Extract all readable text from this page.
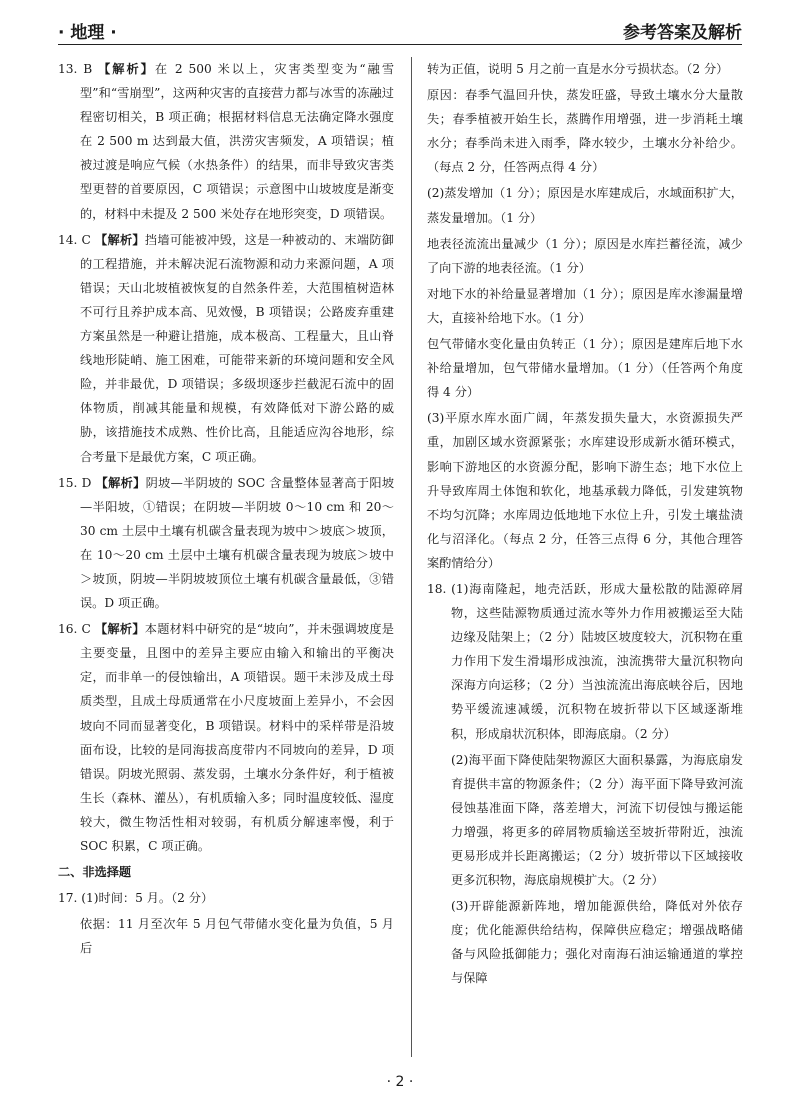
· 地理 ·	参考答案及解析

13. B 【解析】在 2 500 米以上，灾害类型变为“融雪型”和“雪崩型”，这两种灾害的直接营力都与冰雪的冻融过程密切相关，B 项正确；根据材料信息无法确定降水强度在 2 500 m 达到最大值，洪涝灾害频发，A 项错误；植被过渡是响应气候（水热条件）的结果，而非导致灾害类型更替的首要原因，C 项错误；示意图中山坡坡度是渐变的，材料中未提及 2 500 米处存在地形突变，D 项错误。

14. C 【解析】挡墙可能被冲毁，这是一种被动的、末端防御的工程措施，并未解决泥石流物源和动力来源问题，A 项错误；天山北坡植被恢复的自然条件差，大范围植树造林不可行且养护成本高、见效慢，B 项错误；公路废弃重建方案虽然是一种避让措施，成本极高、工程量大，且山脊线地形陡峭、施工困难，可能带来新的环境问题和安全风险，并非最优，D 项错误；多级坝逐步拦截泥石流中的固体物质，削减其能量和规模，有效降低对下游公路的威胁，该措施技术成熟、性价比高，且能适应沟谷地形，综合考量下是最优方案，C 项正确。

15. D 【解析】阴坡—半阴坡的 SOC 含量整体显著高于阳坡—半阳坡，①错误；在阴坡—半阴坡 0～10 cm 和 20～30 cm 土层中土壤有机碳含量表现为坡中＞坡底＞坡顶，在 10～20 cm 土层中土壤有机碳含量表现为坡底＞坡中＞坡顶，阴坡—半阴坡坡顶位土壤有机碳含量最低，③错误。D 项正确。

16. C 【解析】本题材料中研究的是“坡向”，并未强调坡度是主要变量，且图中的差异主要应由输入和输出的平衡决定，而非单一的侵蚀输出，A 项错误。题干未涉及成土母质类型，且成土母质通常在小尺度坡面上差异小，不会因坡向不同而显著变化，B 项错误。材料中的采样带是沿坡面布设，比较的是同海拔高度带内不同坡向的差异，D 项错误。阴坡光照弱、蒸发弱，土壤水分条件好，利于植被生长（森林、灌丛），有机质输入多；同时温度较低、湿度较大，微生物活性相对较弱，有机质分解速率慢，利于 SOC 积累，C 项正确。

二、非选择题

17. (1)时间：5 月。（2 分）

依据：11 月至次年 5 月包气带储水变化量为负值，5 月后

转为正值，说明 5 月之前一直是水分亏损状态。（2 分）

原因：春季气温回升快，蒸发旺盛，导致土壤水分大量散失；春季植被开始生长，蒸腾作用增强，进一步消耗土壤水分；春季尚未进入雨季，降水较少，土壤水分补给少。（每点 2 分，任答两点得 4 分）

(2)蒸发增加（1 分）；原因是水库建成后，水域面积扩大，蒸发量增加。（1 分）

地表径流流出量减少（1 分）；原因是水库拦蓄径流，减少了向下游的地表径流。（1 分）

对地下水的补给量显著增加（1 分）；原因是库水渗漏量增大，直接补给地下水。（1 分）

包气带储水变化量由负转正（1 分）；原因是建库后地下水补给量增加，包气带储水量增加。（1 分）（任答两个角度得 4 分）

(3)平原水库水面广阔，年蒸发损失量大，水资源损失严重，加剧区域水资源紧张；水库建设形成新水循环模式，影响下游地区的水资源分配，影响下游生态；地下水位上升导致库周土体饱和软化，地基承载力降低，引发建筑物不均匀沉降；水库周边低地地下水位上升，引发土壤盐渍化与沼泽化。（每点 2 分，任答三点得 6 分，其他合理答案酌情给分）

18. (1)海南隆起，地壳活跃，形成大量松散的陆源碎屑物，这些陆源物质通过流水等外力作用被搬运至大陆边缘及陆架上；（2 分）陆坡区坡度较大，沉积物在重力作用下发生滑塌形成浊流，浊流携带大量沉积物向深海方向运移；（2 分）当浊流流出海底峡谷后，因地势平缓流速减缓，沉积物在坡折带以下区域逐渐堆积，形成扇状沉积体，即海底扇。（2 分）

(2)海平面下降使陆架物源区大面积暴露，为海底扇发育提供丰富的物源条件；（2 分）海平面下降导致河流侵蚀基准面下降，落差增大，河流下切侵蚀与搬运能力增强，将更多的碎屑物质输送至坡折带附近，浊流更易形成并长距离搬运；（2 分）坡折带以下区域接收更多沉积物，海底扇规模扩大。（2 分）

(3)开辟能源新阵地，增加能源供给，降低对外依存度；优化能源供给结构，保障供应稳定；增强战略储备与风险抵御能力；强化对南海石油运输通道的掌控与保障

· 2 ·
